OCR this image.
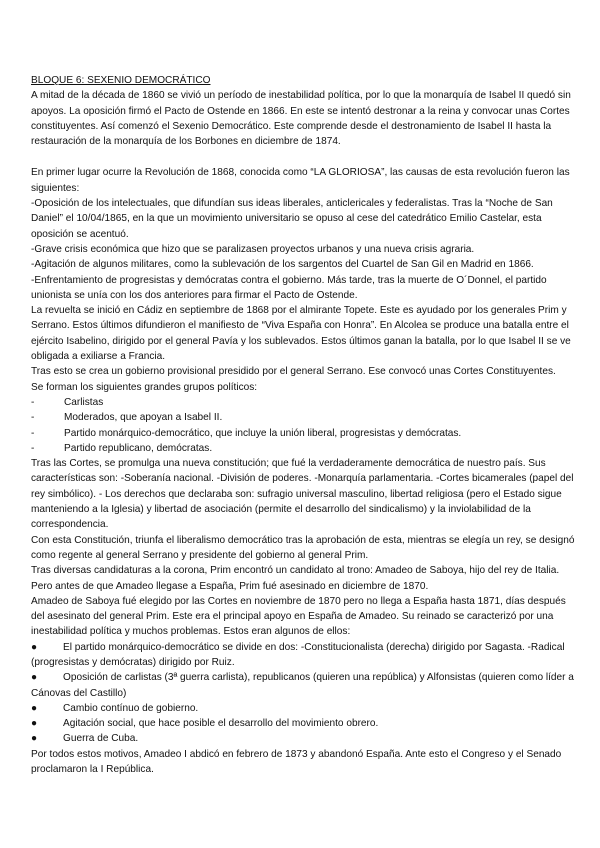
BLOQUE 6: SEXENIO DEMOCRÁTICO

A mitad de la década de 1860 se vivió un período de inestabilidad política, por lo que la monarquía de Isabel II quedó sin apoyos. La oposición firmó el Pacto de Ostende en 1866. En este se intentó destronar a la reina y convocar unas Cortes constituyentes. Así comenzó el Sexenio Democrático. Este comprende desde el destronamiento de Isabel II hasta la restauración de la monarquía de los Borbones en diciembre de 1874.

En primer lugar ocurre la Revolución de 1868, conocida como “LA GLORIOSA”, las causas de esta revolución fueron las siguientes:

-Oposición de los intelectuales, que difundían sus ideas liberales, anticlericales y federalistas. Tras la “Noche de San Daniel” el 10/04/1865, en la que un movimiento universitario se opuso al cese del catedrático Emilio Castelar, esta oposición se acentuó.

-Grave crisis económica que hizo que se paralizasen proyectos urbanos y una nueva crisis agraria.

-Agitación de algunos militares, como la sublevación de los sargentos del Cuartel de San Gil en Madrid en 1866.

-Enfrentamiento de progresistas y demócratas contra el gobierno. Más tarde, tras la muerte de O´Donnel, el partido unionista se unía con los dos anteriores para firmar el Pacto de Ostende.

La revuelta se inició en Cádiz en septiembre de 1868 por el almirante Topete. Este es ayudado por los generales Prim y Serrano. Estos últimos difundieron el manifiesto de “Viva España con Honra”. En Alcolea se produce una batalla entre el ejército Isabelino, dirigido por el general Pavía y los sublevados. Estos últimos ganan la batalla, por lo que Isabel II se ve obligada a exiliarse a Francia.

Tras esto se crea un gobierno provisional presidido por el general Serrano. Ese convocó unas Cortes Constituyentes.

Se forman los siguientes grandes grupos políticos:

-	Carlistas
-	Moderados, que apoyan a Isabel II.
-	Partido monárquico-democrático, que incluye la unión liberal, progresistas y demócratas.
-	Partido republicano, demócratas.

Tras las Cortes, se promulga una nueva constitución; que fué la verdaderamente democrática de nuestro país. Sus características son: -Soberanía nacional. -División de poderes. -Monarquía parlamentaria. -Cortes bicamerales (papel del rey simbólico). - Los derechos que declaraba son: sufragio universal masculino, libertad religiosa (pero el Estado sigue manteniendo a la Iglesia) y libertad de asociación (permite el desarrollo del sindicalismo) y la inviolabilidad de la correspondencia.

Con esta Constitución, triunfa el liberalismo democrático tras la aprobación de esta, mientras se elegía un rey, se designó como regente al general Serrano y presidente del gobierno al general Prim.

Tras diversas candidaturas a la corona, Prim encontró un candidato al trono: Amadeo de Saboya, hijo del rey de Italia. Pero antes de que Amadeo llegase a España, Prim fué asesinado en diciembre de 1870.

Amadeo de Saboya fué elegido por las Cortes en noviembre de 1870 pero no llega a España hasta 1871, días después del asesinato del general Prim. Este era el principal apoyo en España de Amadeo. Su reinado se caracterizó por una inestabilidad política y muchos problemas. Estos eran algunos de ellos:

●	El partido monárquico-democrático se divide en dos: -Constitucionalista (derecha) dirigido por Sagasta. -Radical (progresistas y demócratas) dirigido por Ruiz.
●	Oposición de carlistas (3ª guerra carlista), republicanos (quieren una república) y Alfonsistas (quieren como líder a Cánovas del Castillo)
●	Cambio contínuo de gobierno.
●	Agitación social, que hace posible el desarrollo del movimiento obrero.
●	Guerra de Cuba.

Por todos estos motivos, Amadeo I abdicó en febrero de 1873 y abandonó España. Ante esto el Congreso y el Senado proclamaron la I República.
